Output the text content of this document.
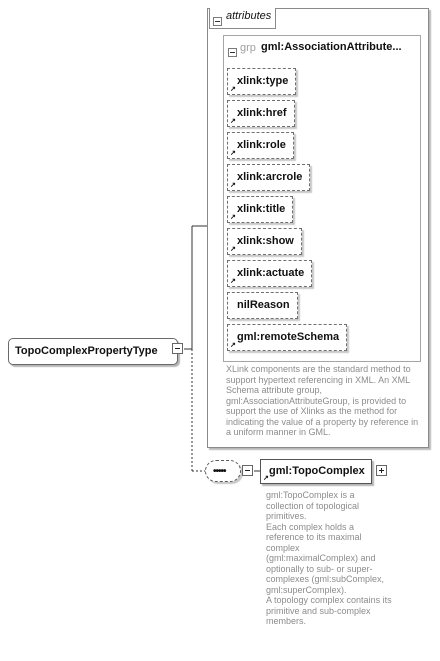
attributes
grp gml:AssociationAttribute...
xlink:type
↗
xlink:href
↗
xlink:role
↗
xlink:arcrole
↗
xlink:title
↗
xlink:show
↗
xlink:actuate
↗
nilReason
gml:remoteSchema
↗
XLink components are the standard method to support hypertext referencing in XML. An XML Schema attribute group, gml:AssociationAttributeGroup, is provided to support the use of Xlinks as the method for indicating the value of a property by reference in a uniform manner in GML.
TopoComplexPropertyType
•••••	gml:TopoComplex
↗
gml:TopoComplex is a collection of topological primitives.
Each complex holds a reference to its maximal complex (gml:maximalComplex) and optionally to sub- or super-complexes (gml:subComplex, gml:superComplex).
A topology complex contains its primitive and sub-complex members.
